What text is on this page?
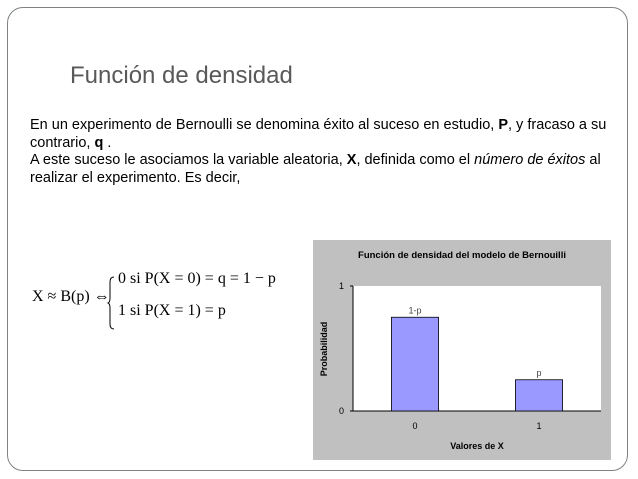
Función de densidad

En un experimento de Bernoulli se denomina éxito al suceso en estudio, P, y fracaso a su contrario, q .

A este suceso le asociamos la variable aleatoria, X, definida como el número de éxitos al realizar el experimento. Es decir,

X ≈ B(p) ⇔
0 si P(X = 0) = q = 1 − p
1 si P(X = 1) = p
Función de densidad del modelo de Bernouilli
0
1
1-p
0
p
1
Valores de X
Probabilidad
